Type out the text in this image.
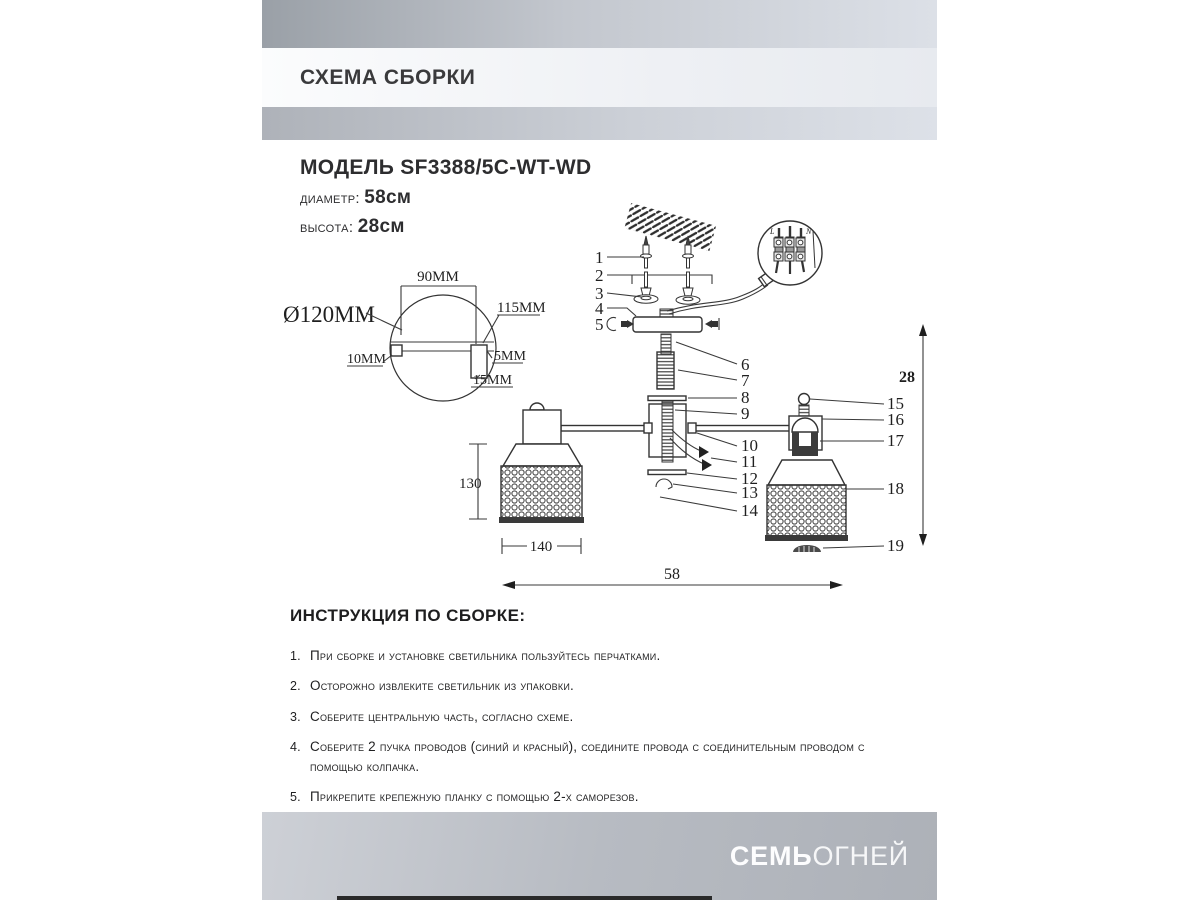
СХЕМА СБОРКИ
МОДЕЛЬ SF3388/5C-WT-WD
диаметр: 58см
высота: 28см	L	N
90MM
Ø120MM	115MM
10MM	5MM
15MM
130
140
28
58
1
2
3
4
5
6
7
8
9
10
11
12
13
14
15
16
17
18
19
ИНСТРУКЦИЯ ПО СБОРКЕ:
1. При сборке и установке светильника пользуйтесь перчатками.
2. Осторожно извлеките светильник из упаковки.
3. Соберите центральную часть, согласно схеме.
4. Соберите 2 пучка проводов (синий и красный), соедините провода с соединительным проводом с помощью колпачка.
5. Прикрепите крепежную планку с помощью 2-х саморезов.
СЕМЬОГНЕЙ
